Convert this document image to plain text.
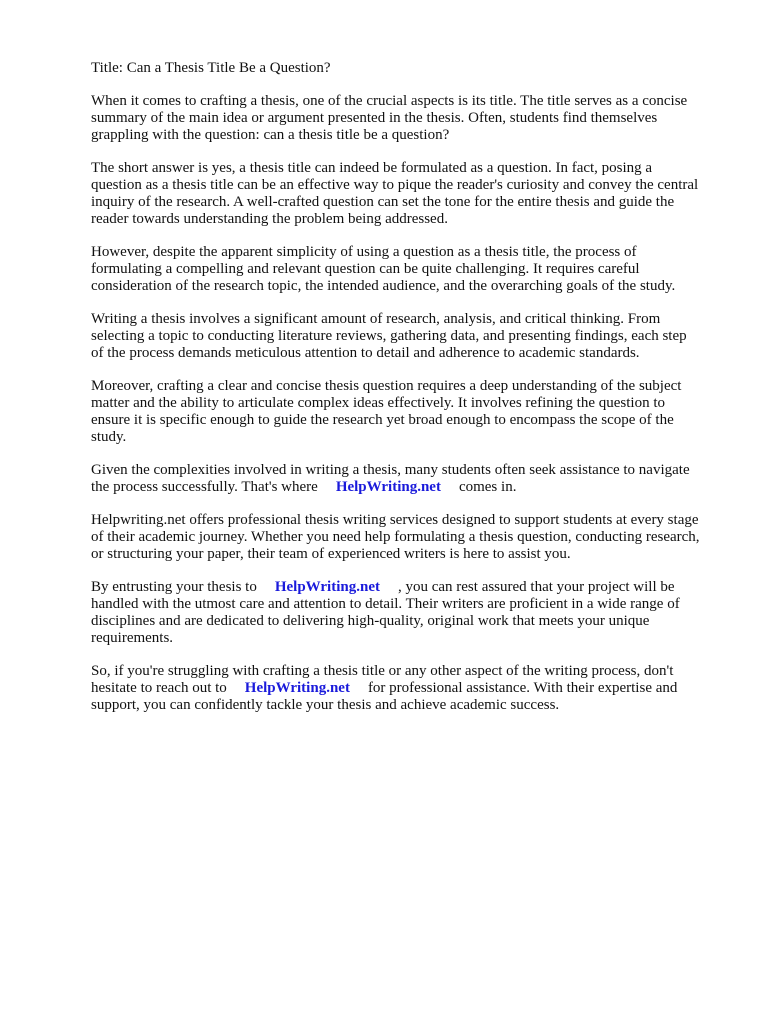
Title: Can a Thesis Title Be a Question?

When it comes to crafting a thesis, one of the crucial aspects is its title. The title serves as a concise
summary of the main idea or argument presented in the thesis. Often, students find themselves
grappling with the question: can a thesis title be a question?

The short answer is yes, a thesis title can indeed be formulated as a question. In fact, posing a
question as a thesis title can be an effective way to pique the reader's curiosity and convey the central
inquiry of the research. A well-crafted question can set the tone for the entire thesis and guide the
reader towards understanding the problem being addressed.

However, despite the apparent simplicity of using a question as a thesis title, the process of
formulating a compelling and relevant question can be quite challenging. It requires careful
consideration of the research topic, the intended audience, and the overarching goals of the study.

Writing a thesis involves a significant amount of research, analysis, and critical thinking. From
selecting a topic to conducting literature reviews, gathering data, and presenting findings, each step
of the process demands meticulous attention to detail and adherence to academic standards.

Moreover, crafting a clear and concise thesis question requires a deep understanding of the subject
matter and the ability to articulate complex ideas effectively. It involves refining the question to
ensure it is specific enough to guide the research yet broad enough to encompass the scope of the
study.

Given the complexities involved in writing a thesis, many students often seek assistance to navigate
the process successfully. That's where HelpWriting.net comes in.

Helpwriting.net offers professional thesis writing services designed to support students at every stage
of their academic journey. Whether you need help formulating a thesis question, conducting research,
or structuring your paper, their team of experienced writers is here to assist you.

By entrusting your thesis to HelpWriting.net , you can rest assured that your project will be
handled with the utmost care and attention to detail. Their writers are proficient in a wide range of
disciplines and are dedicated to delivering high-quality, original work that meets your unique
requirements.

So, if you're struggling with crafting a thesis title or any other aspect of the writing process, don't
hesitate to reach out to HelpWriting.net for professional assistance. With their expertise and
support, you can confidently tackle your thesis and achieve academic success.
